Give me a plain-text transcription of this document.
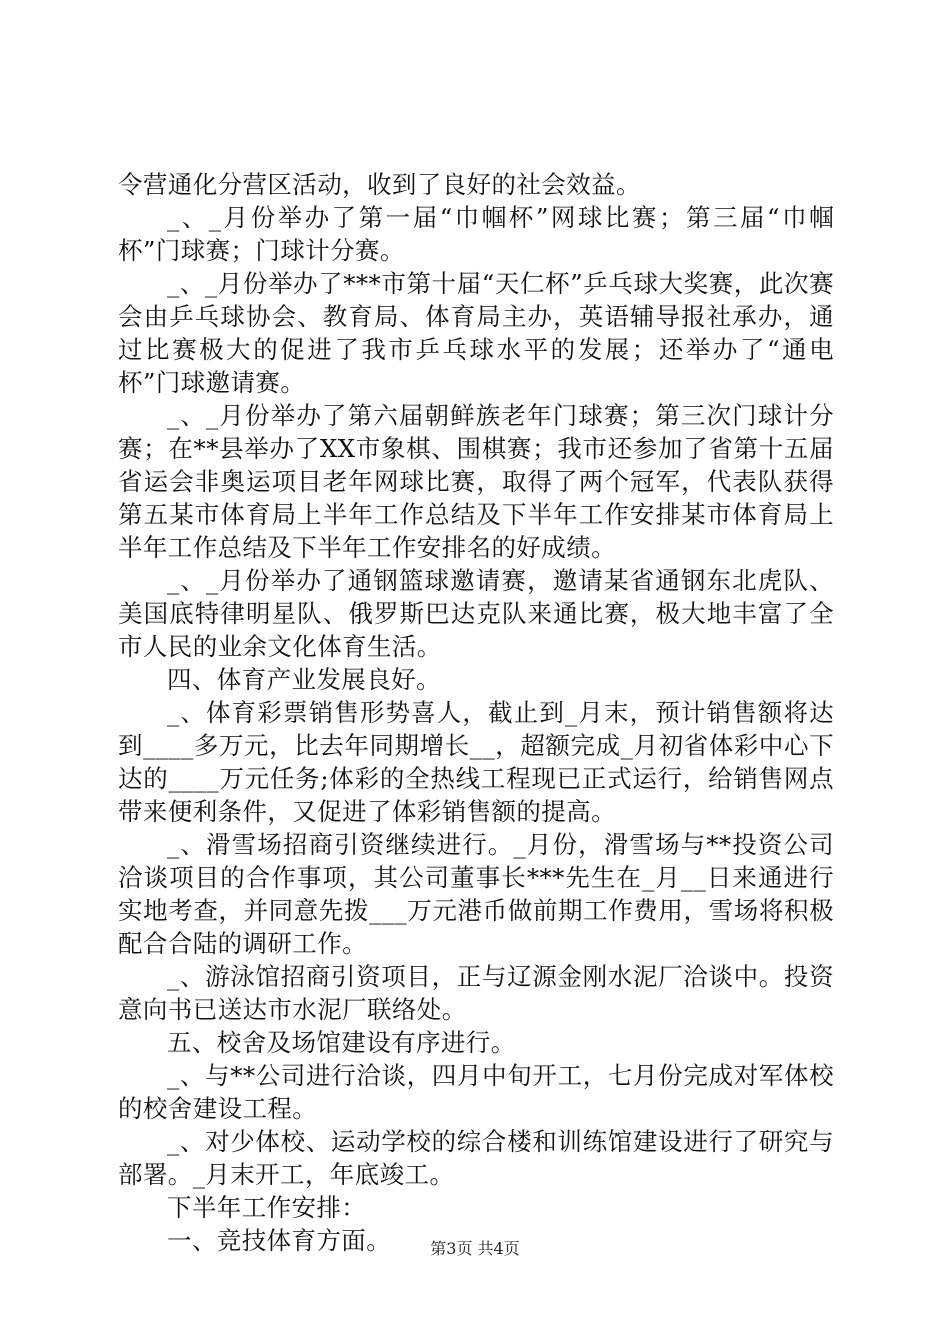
令营通化分营区活动，收到了良好的社会效益。

_、_月份举办了第一届“巾帼杯”网球比赛；第三届“巾帼杯”门球赛；门球计分赛。

_、_月份举办了***市第十届“天仁杯”乒乓球大奖赛，此次赛会由乒乓球协会、教育局、体育局主办，英语辅导报社承办，通过比赛极大的促进了我市乒乓球水平的发展；还举办了“通电杯”门球邀请赛。

_、_月份举办了第六届朝鲜族老年门球赛；第三次门球计分赛；在**县举办了XX市象棋、围棋赛；我市还参加了省第十五届省运会非奥运项目老年网球比赛，取得了两个冠军，代表队获得第五某市体育局上半年工作总结及下半年工作安排某市体育局上半年工作总结及下半年工作安排名的好成绩。

_、_月份举办了通钢篮球邀请赛，邀请某省通钢东北虎队、美国底特律明星队、俄罗斯巴达克队来通比赛，极大地丰富了全市人民的业余文化体育生活。

四、体育产业发展良好。

_、体育彩票销售形势喜人，截止到_月末，预计销售额将达到____多万元，比去年同期增长__，超额完成_月初省体彩中心下达的____万元任务;体彩的全热线工程现已正式运行，给销售网点带来便利条件，又促进了体彩销售额的提高。

_、滑雪场招商引资继续进行。_月份，滑雪场与**投资公司洽谈项目的合作事项，其公司董事长***先生在_月__日来通进行实地考查，并同意先拨___万元港币做前期工作费用，雪场将积极配合合陆的调研工作。

_、游泳馆招商引资项目，正与辽源金刚水泥厂洽谈中。投资意向书已送达市水泥厂联络处。

五、校舍及场馆建设有序进行。

_、与**公司进行洽谈，四月中旬开工，七月份完成对军体校的校舍建设工程。

_、对少体校、运动学校的综合楼和训练馆建设进行了研究与部署。_月末开工，年底竣工。

下半年工作安排：

一、竞技体育方面。	第3页 共4页
